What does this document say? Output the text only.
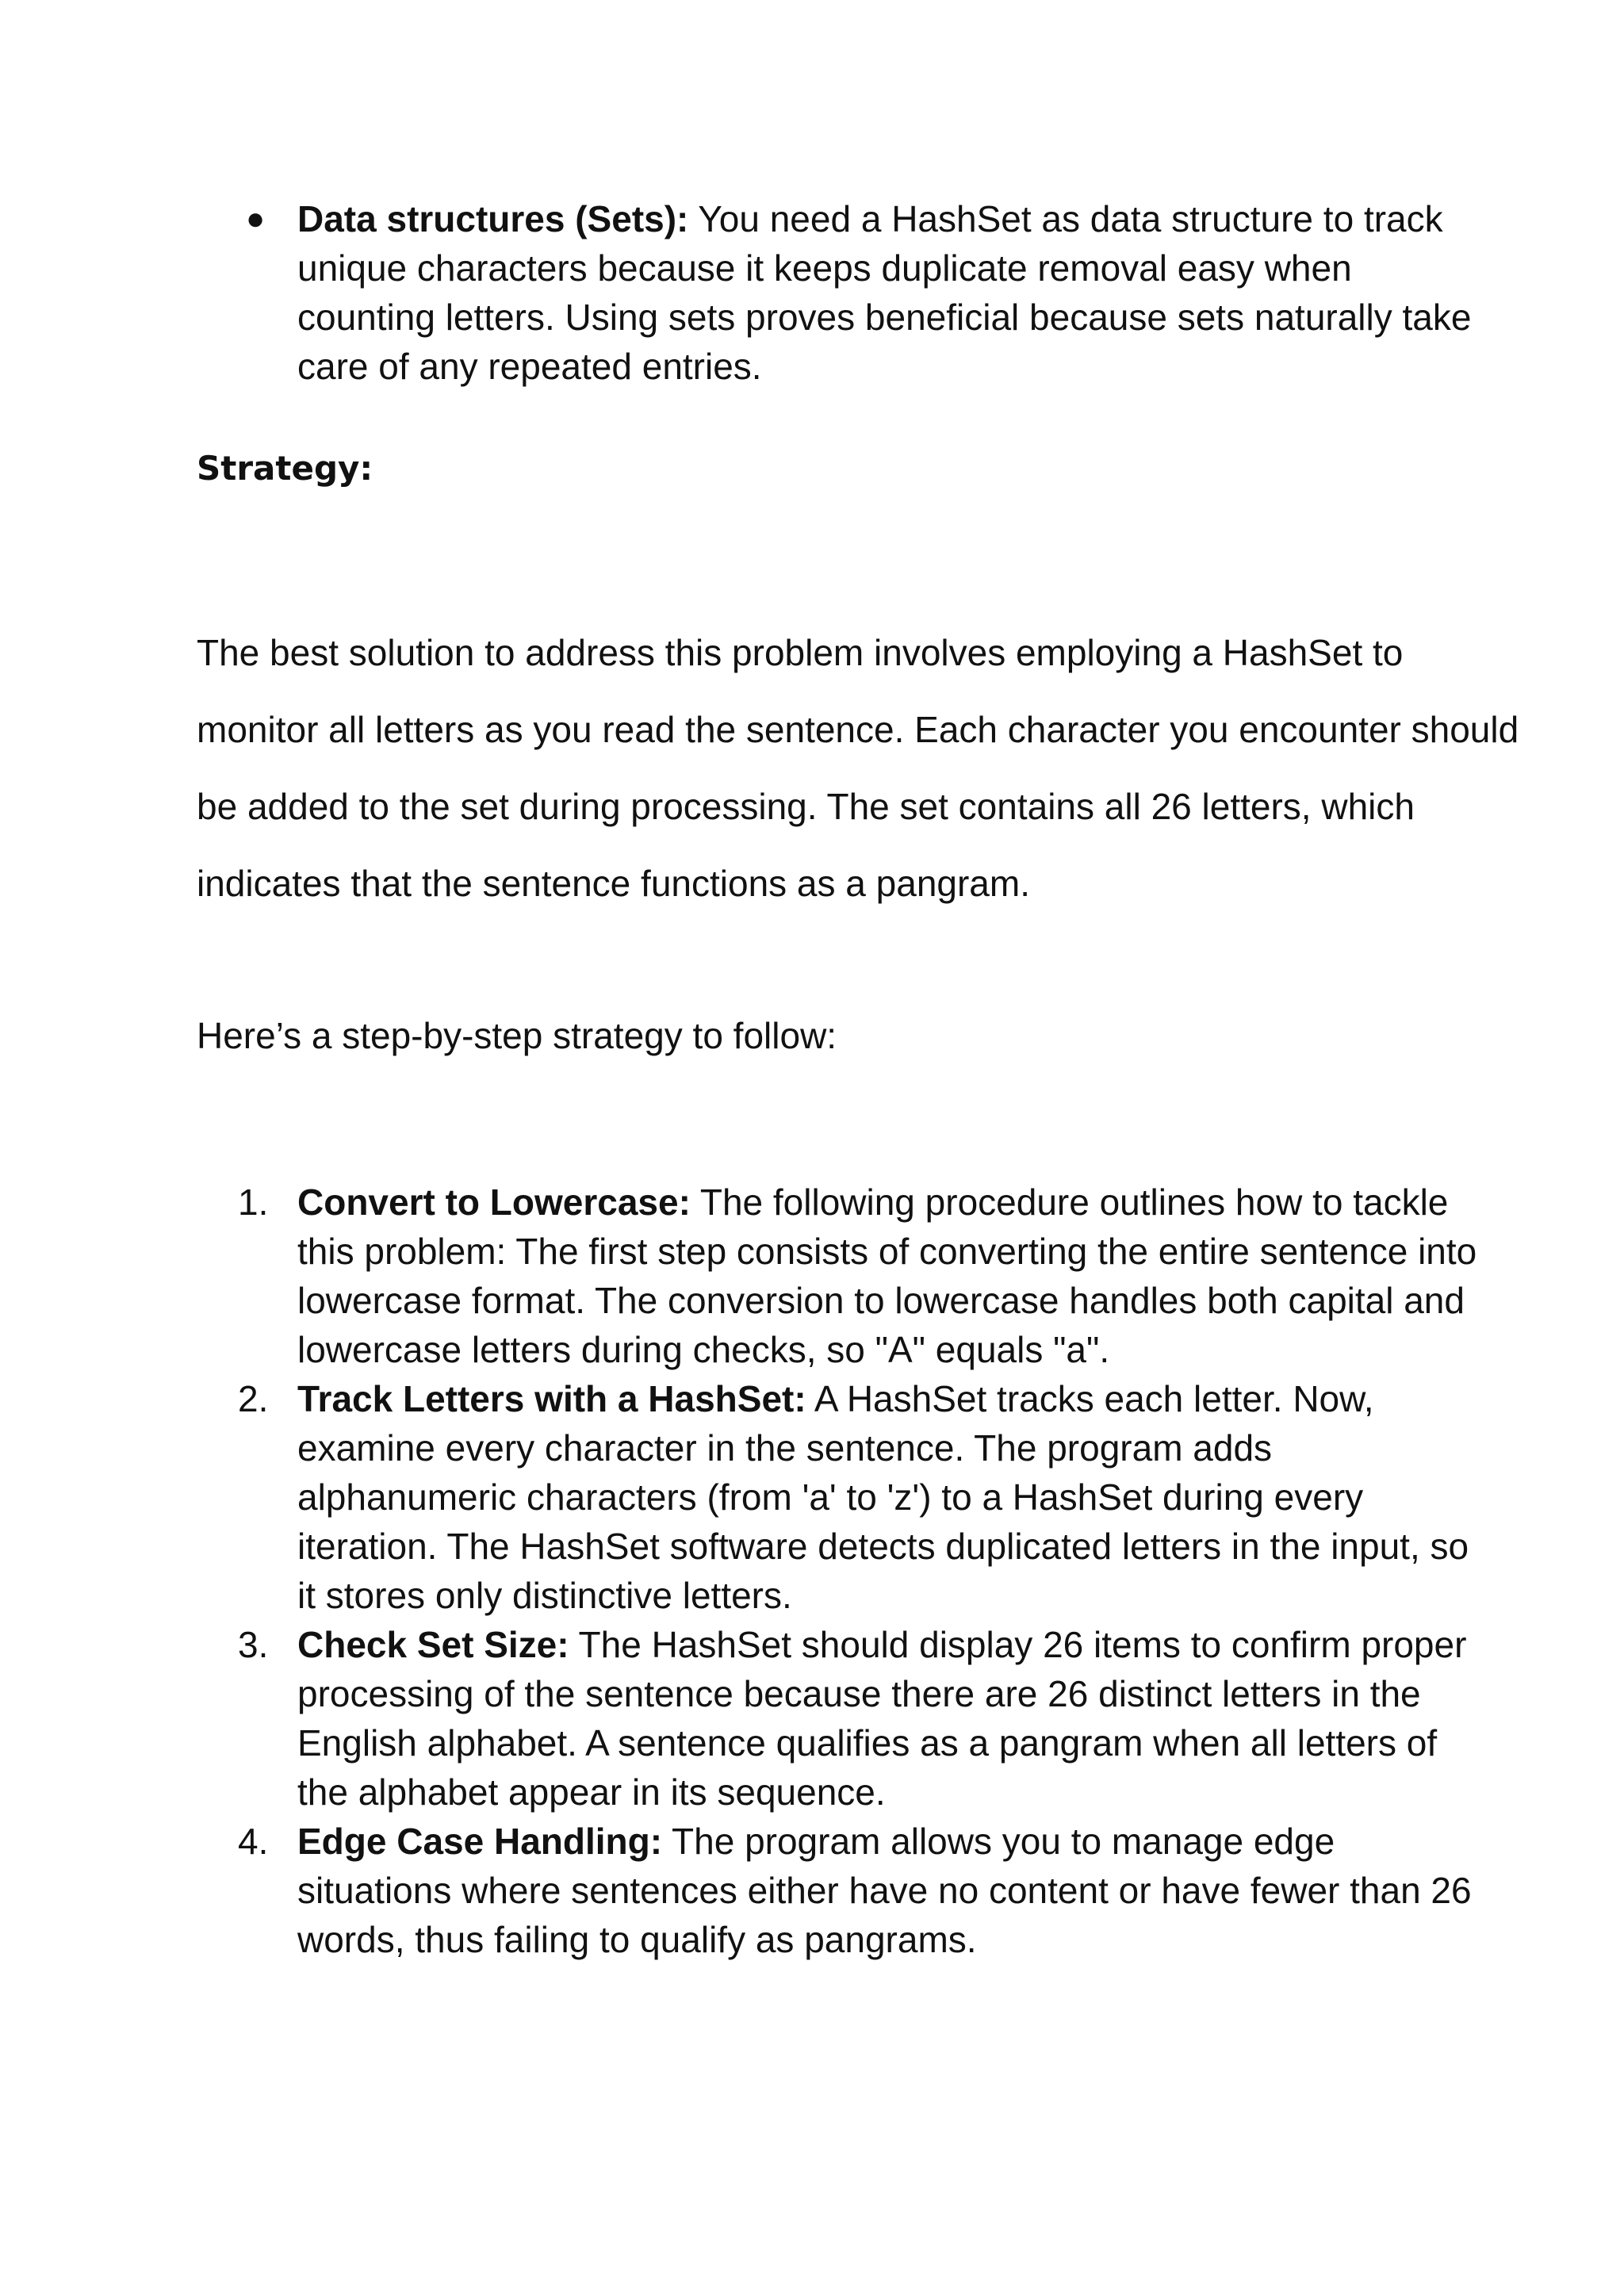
● Data structures (Sets): You need a HashSet as data structure to track unique characters because it keeps duplicate removal easy when counting letters. Using sets proves beneficial because sets naturally take care of any repeated entries.
Strategy:

The best solution to address this problem involves employing a HashSet to monitor all letters as you read the sentence. Each character you encounter should be added to the set during processing. The set contains all 26 letters, which indicates that the sentence functions as a pangram.

Here’s a step-by-step strategy to follow:

1. Convert to Lowercase: The following procedure outlines how to tackle this problem: The first step consists of converting the entire sentence into lowercase format. The conversion to lowercase handles both capital and lowercase letters during checks, so "A" equals "a".
2. Track Letters with a HashSet: A HashSet tracks each letter. Now, examine every character in the sentence. The program adds alphanumeric characters (from 'a' to 'z') to a HashSet during every iteration. The HashSet software detects duplicated letters in the input, so it stores only distinctive letters.
3. Check Set Size: The HashSet should display 26 items to confirm proper processing of the sentence because there are 26 distinct letters in the English alphabet. A sentence qualifies as a pangram when all letters of the alphabet appear in its sequence.
4. Edge Case Handling: The program allows you to manage edge situations where sentences either have no content or have fewer than 26 words, thus failing to qualify as pangrams.
